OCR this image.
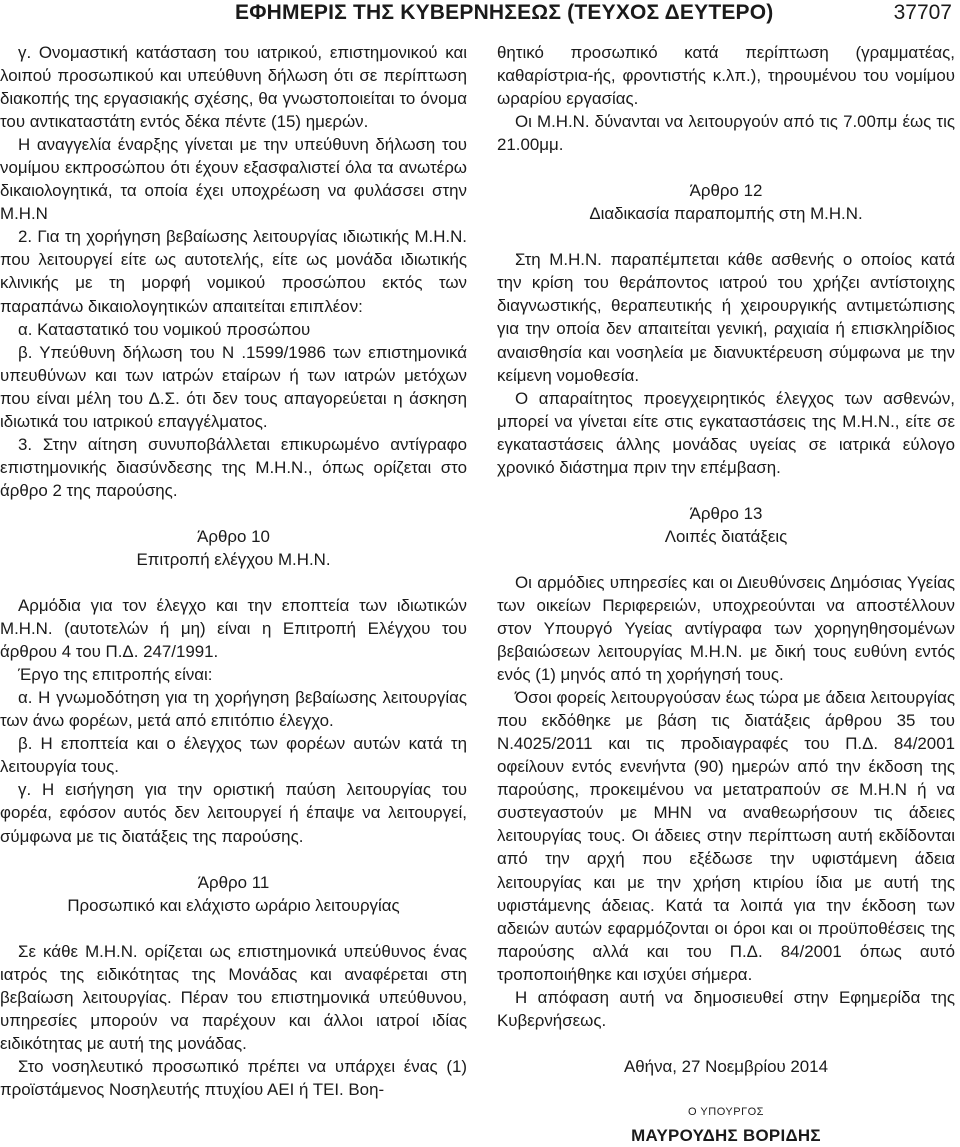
ΕΦΗΜΕΡΙΣ ΤΗΣ ΚΥΒΕΡΝΗΣΕΩΣ (ΤΕΥΧΟΣ ΔΕΥΤΕΡΟ)	37707

γ. Ονομαστική κατάσταση του ιατρικού, επιστημονικού και λοιπού προσωπικού και υπεύθυνη δήλωση ότι σε περίπτωση διακοπής της εργασιακής σχέσης, θα γνωστοποιείται το όνομα του αντικαταστάτη εντός δέκα πέντε (15) ημερών.

Η αναγγελία έναρξης γίνεται με την υπεύθυνη δήλωση του νομίμου εκπροσώπου ότι έχουν εξασφαλιστεί όλα τα ανωτέρω δικαιολογητικά, τα οποία έχει υποχρέωση να φυλάσσει στην Μ.Η.Ν

2. Για τη χορήγηση βεβαίωσης λειτουργίας ιδιωτικής Μ.Η.Ν. που λειτουργεί είτε ως αυτοτελής, είτε ως μονάδα ιδιωτικής κλινικής με τη μορφή νομικού προσώπου εκτός των παραπάνω δικαιολογητικών απαιτείται επιπλέον:

α. Καταστατικό του νομικού προσώπου

β. Υπεύθυνη δήλωση του Ν .1599/1986 των επιστημονικά υπευθύνων και των ιατρών εταίρων ή των ιατρών μετόχων που είναι μέλη του Δ.Σ. ότι δεν τους απαγορεύεται η άσκηση ιδιωτικά του ιατρικού επαγγέλματος.

3. Στην αίτηση συνυποβάλλεται επικυρωμένο αντίγραφο επιστημονικής διασύνδεσης της Μ.Η.Ν., όπως ορίζεται στο άρθρο 2 της παρούσης.

Άρθρο 10

Επιτροπή ελέγχου Μ.Η.Ν.

Αρμόδια για τον έλεγχο και την εποπτεία των ιδιωτικών Μ.Η.Ν. (αυτοτελών ή μη) είναι η Επιτροπή Ελέγχου του άρθρου 4 του Π.Δ. 247/1991.

Έργο της επιτροπής είναι:

α. Η γνωμοδότηση για τη χορήγηση βεβαίωσης λειτουργίας των άνω φορέων, μετά από επιτόπιο έλεγχο.

β. Η εποπτεία και ο έλεγχος των φορέων αυτών κατά τη λειτουργία τους.

γ. Η εισήγηση για την οριστική παύση λειτουργίας του φορέα, εφόσον αυτός δεν λειτουργεί ή έπαψε να λειτουργεί, σύμφωνα με τις διατάξεις της παρούσης.

Άρθρο 11

Προσωπικό και ελάχιστο ωράριο λειτουργίας

Σε κάθε Μ.Η.Ν. ορίζεται ως επιστημονικά υπεύθυνος ένας ιατρός της ειδικότητας της Μονάδας και αναφέρεται στη βεβαίωση λειτουργίας. Πέραν του επιστημονικά υπεύθυνου, υπηρεσίες μπορούν να παρέχουν και άλλοι ιατροί ιδίας ειδικότητας με αυτή της μονάδας.

Στο νοσηλευτικό προσωπικό πρέπει να υπάρχει ένας (1) προϊστάμενος Νοσηλευτής πτυχίου ΑΕΙ ή ΤΕΙ. Βοη-

θητικό προσωπικό κατά περίπτωση (γραμματέας, καθαρίστρια-ής, φροντιστής κ.λπ.), τηρουμένου του νομίμου ωραρίου εργασίας.

Οι Μ.Η.Ν. δύνανται να λειτουργούν από τις 7.00πμ έως τις 21.00μμ.

Άρθρο 12

Διαδικασία παραπομπής στη Μ.Η.Ν.

Στη Μ.Η.Ν. παραπέμπεται κάθε ασθενής ο οποίος κατά την κρίση του θεράποντος ιατρού του χρήζει αντίστοιχης διαγνωστικής, θεραπευτικής ή χειρουργικής αντιμετώπισης για την οποία δεν απαιτείται γενική, ραχιαία ή επισκληρίδιος αναισθησία και νοσηλεία με διανυκτέρευση σύμφωνα με την κείμενη νομοθεσία.

Ο απαραίτητος προεγχειρητικός έλεγχος των ασθενών, μπορεί να γίνεται είτε στις εγκαταστάσεις της Μ.Η.Ν., είτε σε εγκαταστάσεις άλλης μονάδας υγείας σε ιατρικά εύλογο χρονικό διάστημα πριν την επέμβαση.

Άρθρο 13

Λοιπές διατάξεις

Οι αρμόδιες υπηρεσίες και οι Διευθύνσεις Δημόσιας Υγείας των οικείων Περιφερειών, υποχρεούνται να αποστέλλουν στον Υπουργό Υγείας αντίγραφα των χορηγηθησομένων βεβαιώσεων λειτουργίας Μ.Η.Ν. με δική τους ευθύνη εντός ενός (1) μηνός από τη χορήγησή τους.

Όσοι φορείς λειτουργούσαν έως τώρα με άδεια λειτουργίας που εκδόθηκε με βάση τις διατάξεις άρθρου 35 του Ν.4025/2011 και τις προδιαγραφές του Π.Δ. 84/2001 οφείλουν εντός ενενήντα (90) ημερών από την έκδοση της παρούσης, προκειμένου να μετατραπούν σε Μ.Η.Ν ή να συστεγαστούν με ΜΗΝ να αναθεωρήσουν τις άδειες λειτουργίας τους. Οι άδειες στην περίπτωση αυτή εκδίδονται από την αρχή που εξέδωσε την υφιστάμενη άδεια λειτουργίας και με την χρήση κτιρίου ίδια με αυτή της υφιστάμενης άδειας. Κατά τα λοιπά για την έκδοση των αδειών αυτών εφαρμόζονται οι όροι και οι προϋποθέσεις της παρούσης αλλά και του Π.Δ. 84/2001 όπως αυτό τροποποιήθηκε και ισχύει σήμερα.

Η απόφαση αυτή να δημοσιευθεί στην Εφημερίδα της Κυβερνήσεως.

Αθήνα, 27 Νοεμβρίου 2014

Ο ΥΠΟΥΡΓΟΣ

ΜΑΥΡΟΥΔΗΣ ΒΟΡΙΔΗΣ
